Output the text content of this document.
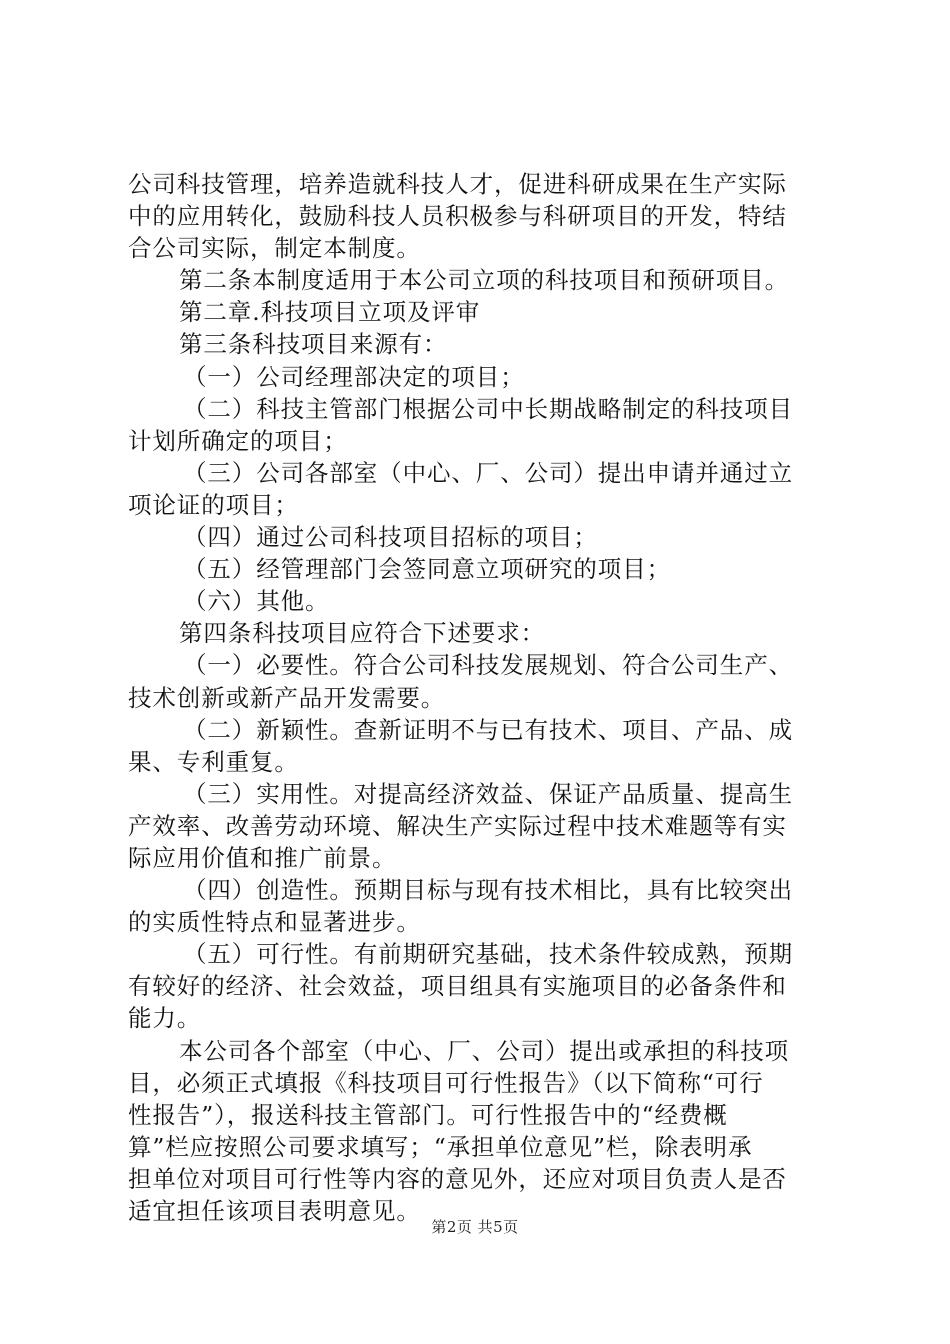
公司科技管理，培养造就科技人才，促进科研成果在生产实际
中的应用转化，鼓励科技人员积极参与科研项目的开发，特结
合公司实际，制定本制度。
第二条本制度适用于本公司立项的科技项目和预研项目。
第二章.科技项目立项及评审
第三条科技项目来源有：
（一）公司经理部决定的项目；
（二）科技主管部门根据公司中长期战略制定的科技项目
计划所确定的项目；
（三）公司各部室（中心、厂、公司）提出申请并通过立
项论证的项目；
（四）通过公司科技项目招标的项目；
（五）经管理部门会签同意立项研究的项目；
（六）其他。
第四条科技项目应符合下述要求：
（一）必要性。符合公司科技发展规划、符合公司生产、
技术创新或新产品开发需要。
（二）新颖性。查新证明不与已有技术、项目、产品、成
果、专利重复。
（三）实用性。对提高经济效益、保证产品质量、提高生
产效率、改善劳动环境、解决生产实际过程中技术难题等有实
际应用价值和推广前景。
（四）创造性。预期目标与现有技术相比，具有比较突出
的实质性特点和显著进步。
（五）可行性。有前期研究基础，技术条件较成熟，预期
有较好的经济、社会效益，项目组具有实施项目的必备条件和
能力。
本公司各个部室（中心、厂、公司）提出或承担的科技项
目，必须正式填报《科技项目可行性报告》（以下简称“可行
性报告”），报送科技主管部门。可行性报告中的“经费概
算”栏应按照公司要求填写；“承担单位意见”栏，除表明承
担单位对项目可行性等内容的意见外，还应对项目负责人是否
适宜担任该项目表明意见。
第2页 共5页
